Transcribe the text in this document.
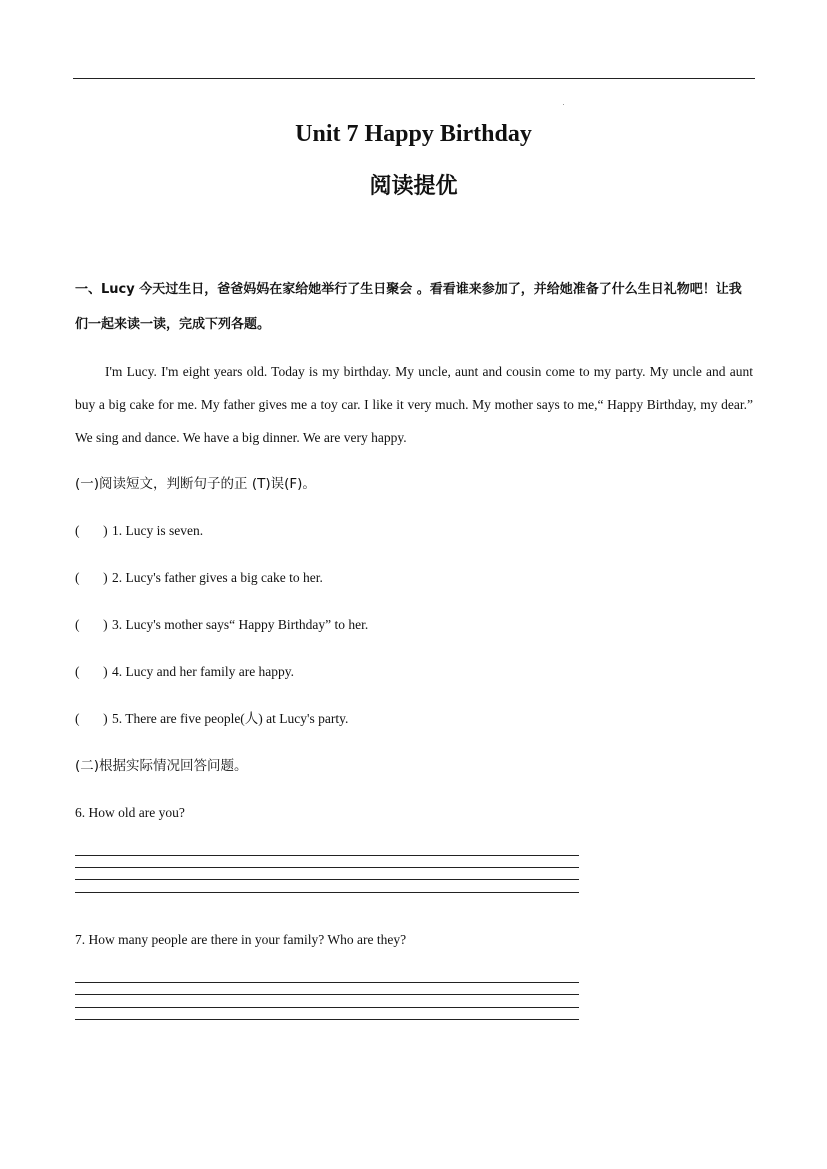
Unit 7 Happy Birthday
阅读提优
一、Lucy 今天过生日，爸爸妈妈在家给她举行了生日聚会 。看看谁来参加了，并给她准备了什么生日礼物吧！让我们一起来读一读，完成下列各题。
I'm Lucy. I'm eight years old. Today is my birthday. My uncle, aunt and cousin come to my party. My uncle and aunt buy a big cake for me. My father gives me a toy car. I like it very much. My mother says to me,“ Happy Birthday, my dear.” We sing and dance. We have a big dinner. We are very happy.
(一)阅读短文，判断句子的正 (T)误(F)。
(       ) 1. Lucy is seven.
(       ) 2. Lucy's father gives a big cake to her.
(       ) 3. Lucy's mother says“ Happy Birthday” to her.
(       ) 4. Lucy and her family are happy.
(       ) 5. There are five people(人) at Lucy's party.
(二)根据实际情况回答问题。
6. How old are you?
7. How many people are there in your family? Who are they?
